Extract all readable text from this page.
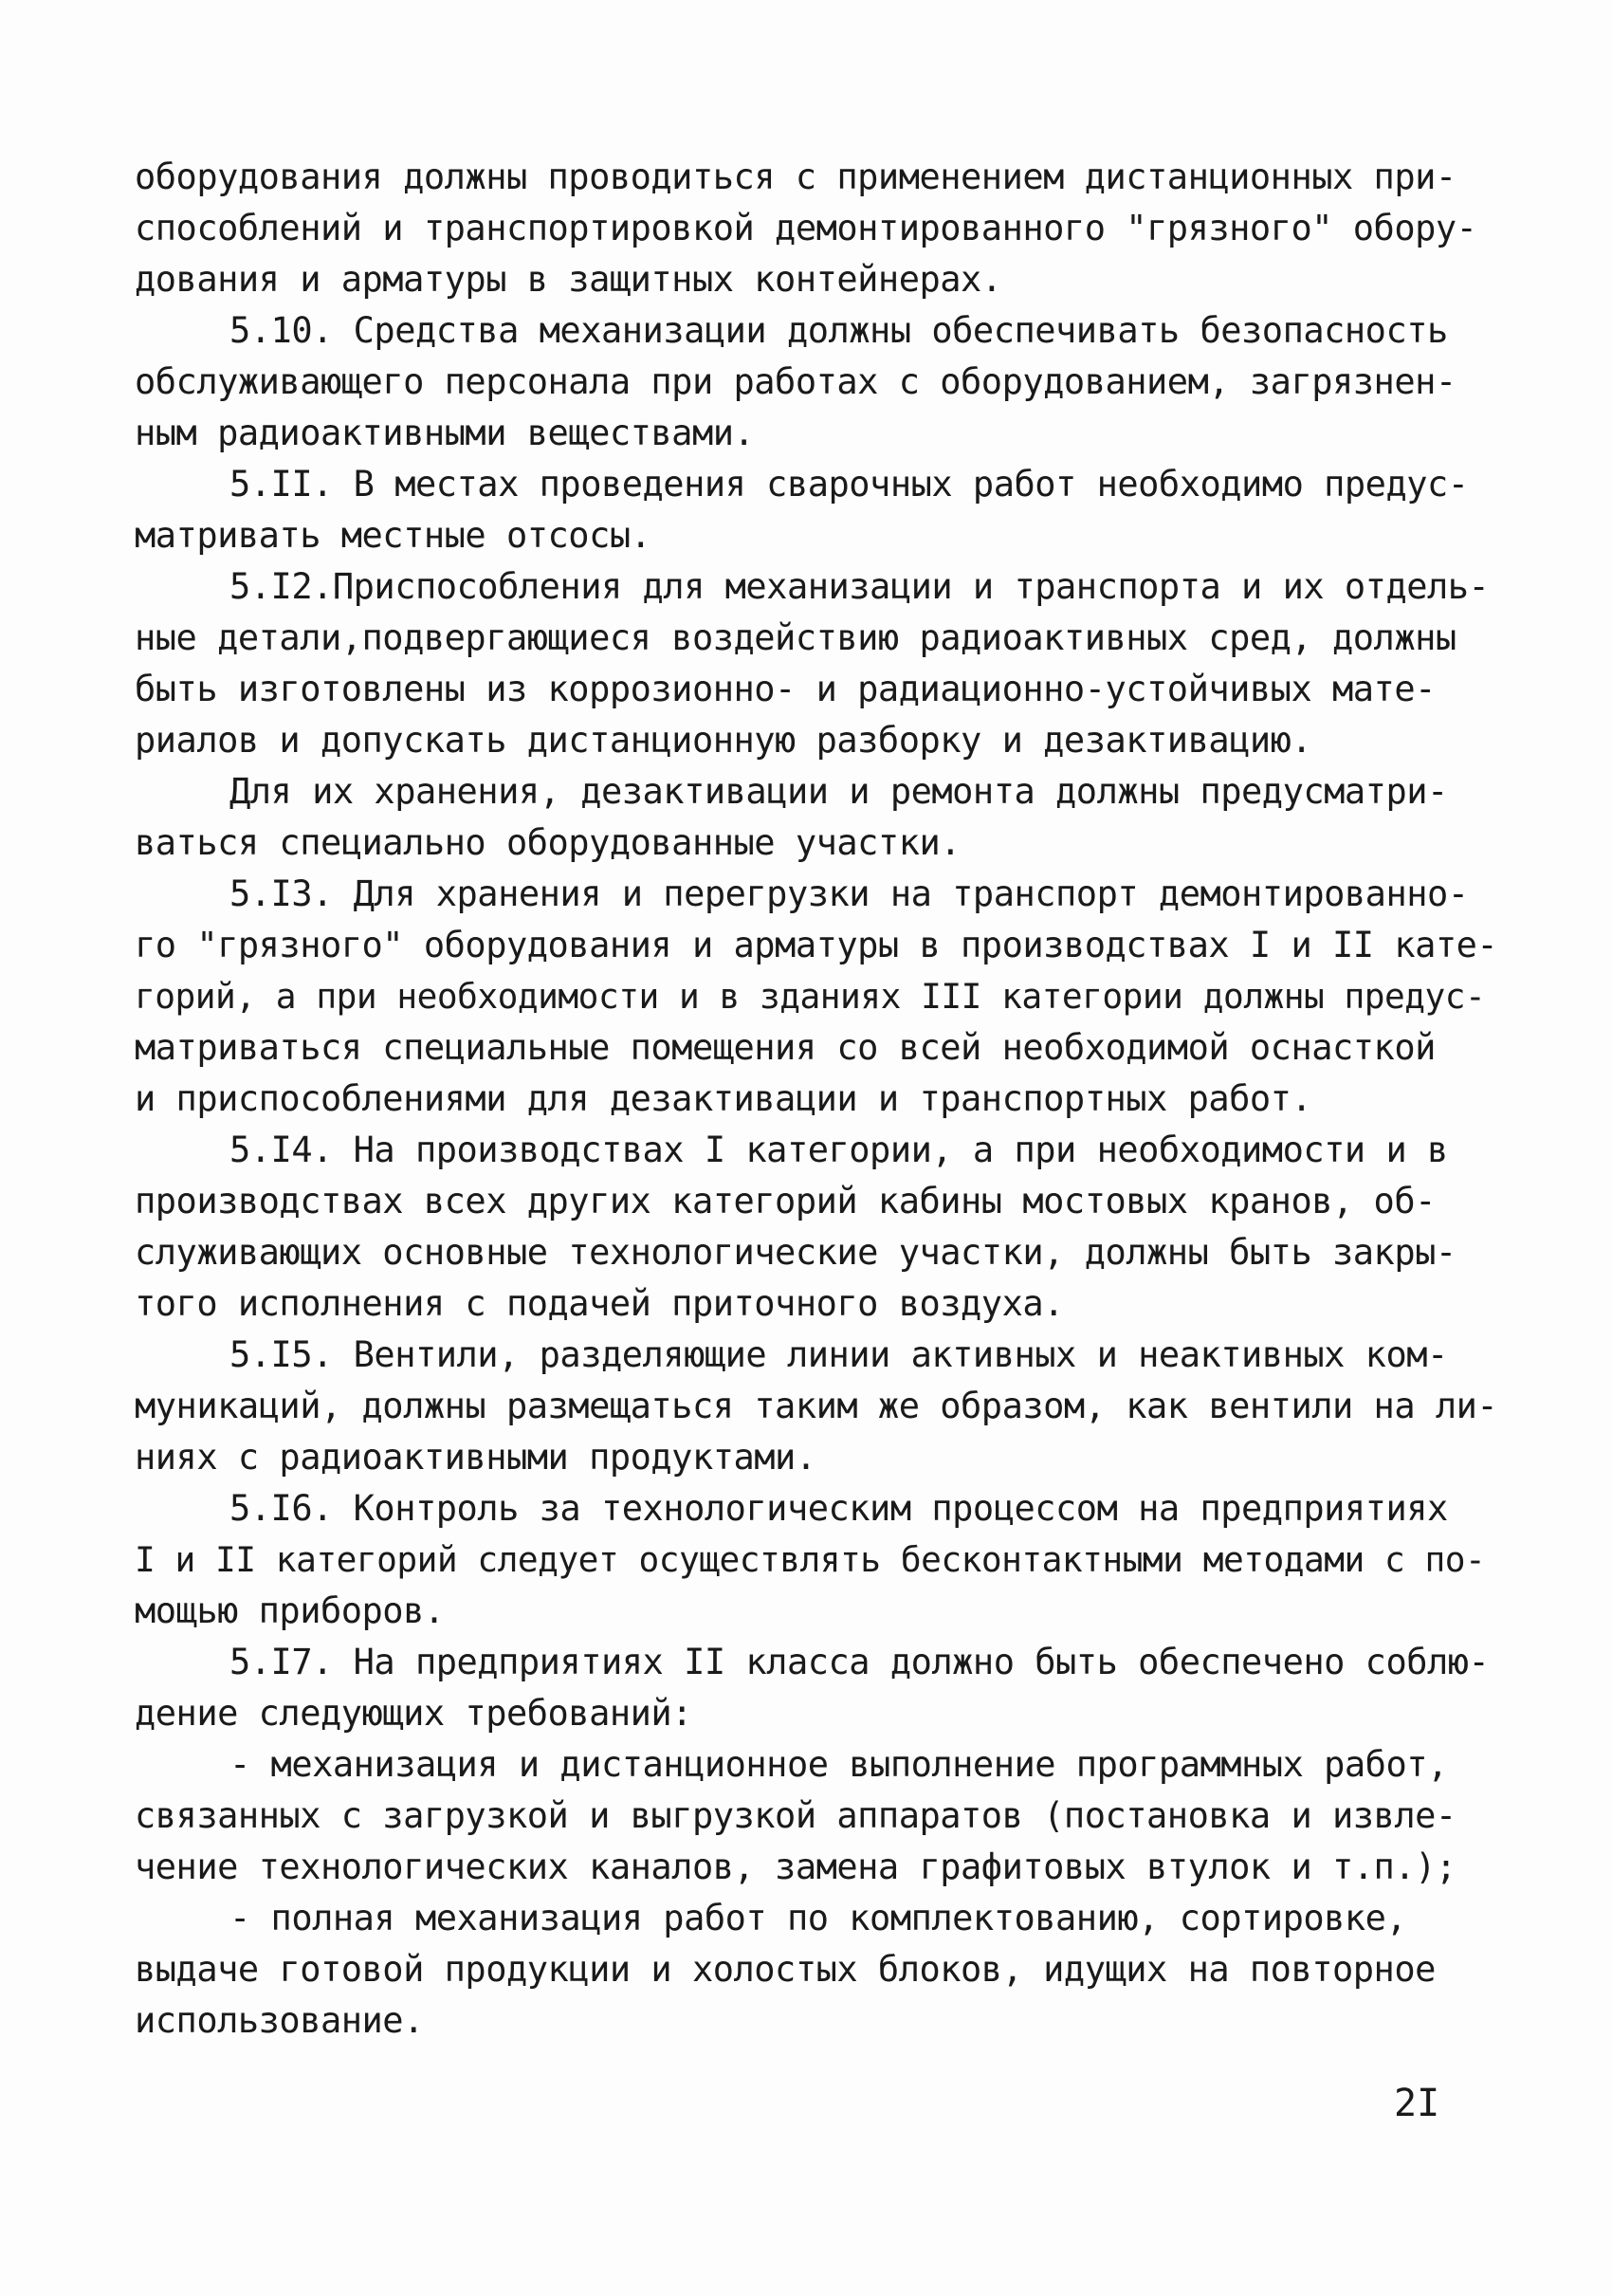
оборудования должны проводиться с применением дистанционных при-
способлений и транспортировкой демонтированного "грязного" обору-
дования и арматуры в защитных контейнерах.
5.10. Средства механизации должны обеспечивать безопасность
обслуживающего персонала при работах с оборудованием, загрязнен-
ным радиоактивными веществами.
5.II. В местах проведения сварочных работ необходимо предус-
матривать местные отсосы.
5.I2.Приспособления для механизации и транспорта и их отдель-
ные детали,подвергающиеся воздействию радиоактивных сред, должны
быть изготовлены из коррозионно- и радиационно-устойчивых мате-
риалов и допускать дистанционную разборку и дезактивацию.
Для их хранения, дезактивации и ремонта должны предусматри-
ваться специально оборудованные участки.
5.I3. Для хранения и перегрузки на транспорт демонтированно-
го "грязного" оборудования и арматуры в производствах I и II кате-
горий, а при необходимости и в зданиях III категории должны предус-
матриваться специальные помещения со всей необходимой оснасткой
и приспособлениями для дезактивации и транспортных работ.
5.I4. На производствах I категории, а при необходимости и в
производствах всех других категорий кабины мостовых кранов, об-
служивающих основные технологические участки, должны быть закры-
того исполнения с подачей приточного воздуха.
5.I5. Вентили, разделяющие линии активных и неактивных ком-
муникаций, должны размещаться таким же образом, как вентили на ли-
ниях с радиоактивными продуктами.
5.I6. Контроль за технологическим процессом на предприятиях
I и II категорий следует осуществлять бесконтактными методами с по-
мощью приборов.
5.I7. На предприятиях II класса должно быть обеспечено соблю-
дение следующих требований:
- механизация и дистанционное выполнение программных работ,
связанных с загрузкой и выгрузкой аппаратов (постановка и извле-
чение технологических каналов, замена графитовых втулок и т.п.);
- полная механизация работ по комплектованию, сортировке,
выдаче готовой продукции и холостых блоков, идущих на повторное
использование.
2I
